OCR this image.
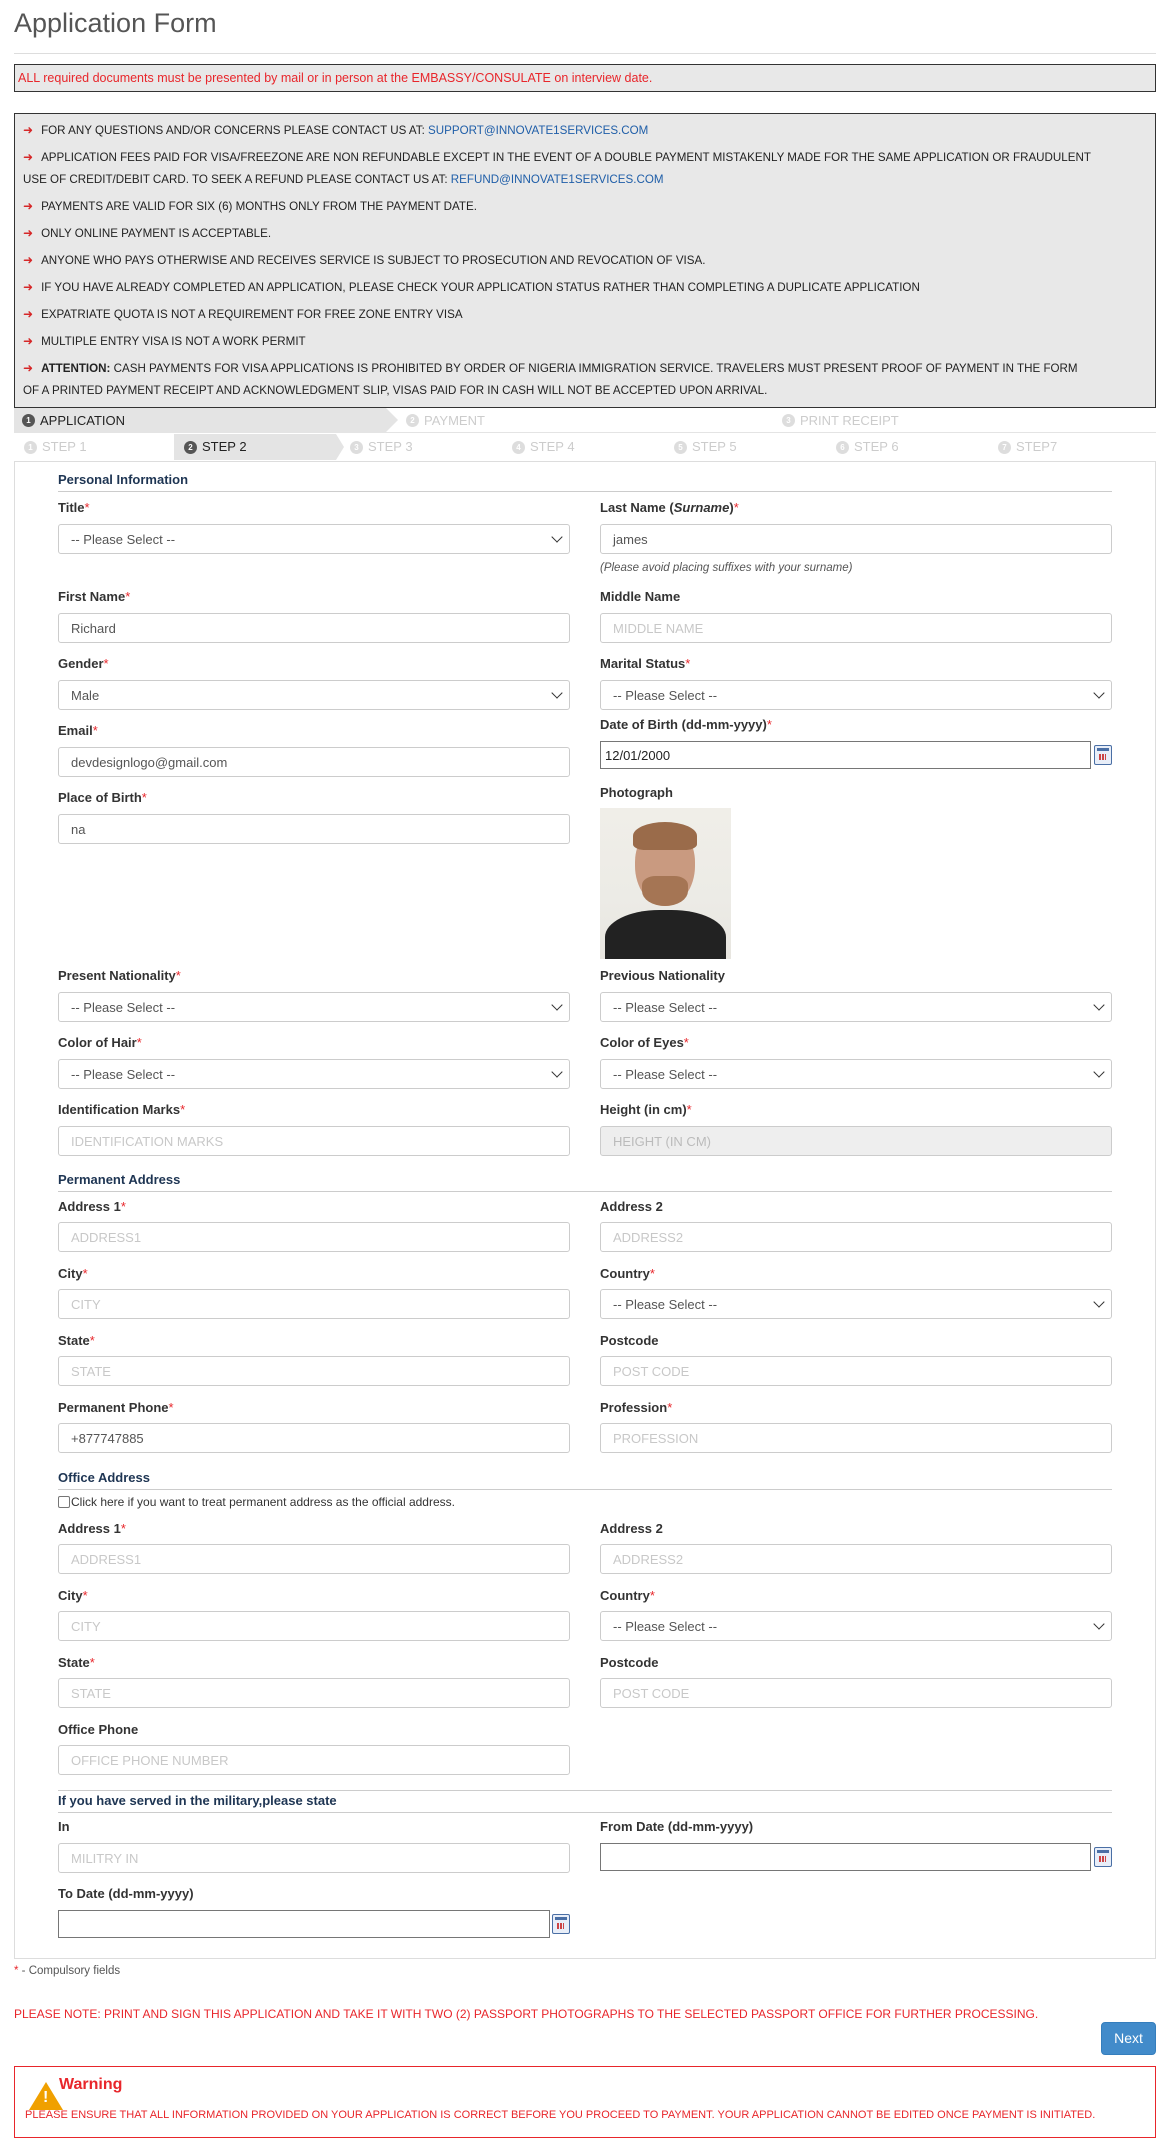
Application Form
ALL required documents must be presented by mail or in person at the EMBASSY/CONSULATE on interview date.
➜ FOR ANY QUESTIONS AND/OR CONCERNS PLEASE CONTACT US AT: SUPPORT@INNOVATE1SERVICES.COM
➜ APPLICATION FEES PAID FOR VISA/FREEZONE ARE NON REFUNDABLE EXCEPT IN THE EVENT OF A DOUBLE PAYMENT MISTAKENLY MADE FOR THE SAME APPLICATION OR FRAUDULENT
USE OF CREDIT/DEBIT CARD. TO SEEK A REFUND PLEASE CONTACT US AT: REFUND@INNOVATE1SERVICES.COM
➜ PAYMENTS ARE VALID FOR SIX (6) MONTHS ONLY FROM THE PAYMENT DATE.
➜ ONLY ONLINE PAYMENT IS ACCEPTABLE.
➜ ANYONE WHO PAYS OTHERWISE AND RECEIVES SERVICE IS SUBJECT TO PROSECUTION AND REVOCATION OF VISA.
➜ IF YOU HAVE ALREADY COMPLETED AN APPLICATION, PLEASE CHECK YOUR APPLICATION STATUS RATHER THAN COMPLETING A DUPLICATE APPLICATION
➜ EXPATRIATE QUOTA IS NOT A REQUIREMENT FOR FREE ZONE ENTRY VISA
➜ MULTIPLE ENTRY VISA IS NOT A WORK PERMIT
➜ ATTENTION: CASH PAYMENTS FOR VISA APPLICATIONS IS PROHIBITED BY ORDER OF NIGERIA IMMIGRATION SERVICE. TRAVELERS MUST PRESENT PROOF OF PAYMENT IN THE FORM
OF A PRINTED PAYMENT RECEIPT AND ACKNOWLEDGMENT SLIP, VISAS PAID FOR IN CASH WILL NOT BE ACCEPTED UPON ARRIVAL.
1 APPLICATION	2 PAYMENT	3 PRINT RECEIPT
1 STEP 1	2 STEP 2	3 STEP 3	4 STEP 4	5 STEP 5	6 STEP 6	7 STEP7
Personal Information
Title*
-- Please Select --
Last Name (Surname)*
james
(Please avoid placing suffixes with your surname)
First Name*
Richard
Middle Name
MIDDLE NAME
Gender*
Male
Marital Status*
-- Please Select --
Email*
devdesignlogo@gmail.com
Date of Birth (dd-mm-yyyy)*
12/01/2000
Place of Birth*
na
Photograph
Present Nationality*
-- Please Select --
Previous Nationality
-- Please Select --
Color of Hair*
-- Please Select --
Color of Eyes*
-- Please Select --
Identification Marks*
IDENTIFICATION MARKS
Height (in cm)*
HEIGHT (IN CM)
Permanent Address
Address 1*
ADDRESS1
Address 2
ADDRESS2
City*
CITY
Country*
-- Please Select --
State*
STATE
Postcode
POST CODE
Permanent Phone*
+877747885
Profession*
PROFESSION
Office Address
Click here if you want to treat permanent address as the official address.
Address 1*
ADDRESS1
Address 2
ADDRESS2
City*
CITY
Country*
-- Please Select --
State*
STATE
Postcode
POST CODE
Office Phone
OFFICE PHONE NUMBER
If you have served in the military,please state
In
MILITRY IN
From Date (dd-mm-yyyy)
To Date (dd-mm-yyyy)
* - Compulsory fields
PLEASE NOTE: PRINT AND SIGN THIS APPLICATION AND TAKE IT WITH TWO (2) PASSPORT PHOTOGRAPHS TO THE SELECTED PASSPORT OFFICE FOR FURTHER PROCESSING.
Next
!
Warning
PLEASE ENSURE THAT ALL INFORMATION PROVIDED ON YOUR APPLICATION IS CORRECT BEFORE YOU PROCEED TO PAYMENT. YOUR APPLICATION CANNOT BE EDITED ONCE PAYMENT IS INITIATED.
